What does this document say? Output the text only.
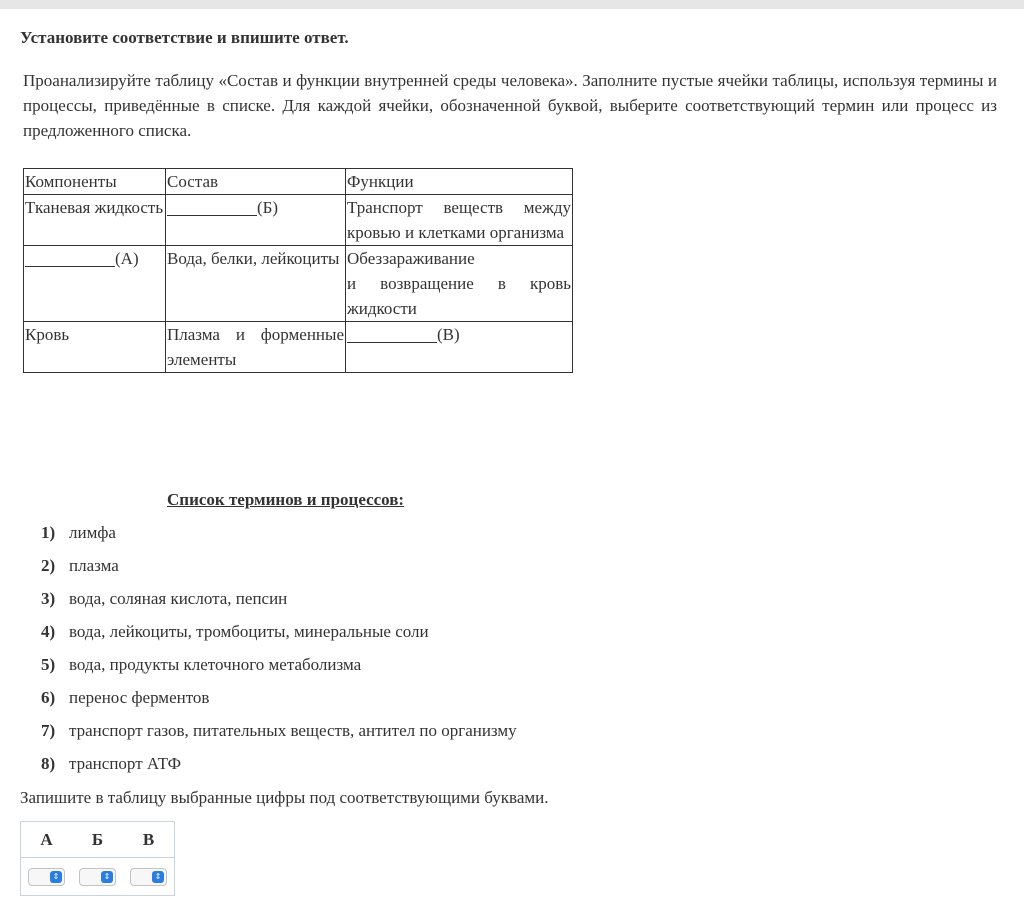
Установите соответствие и впишите ответ.
Проанализируйте таблицу «Состав и функции внутренней среды человека». Заполните пустые ячейки таблицы, используя термины и процессы, приведённые в списке. Для каждой ячейки, обозначенной буквой, выберите соответствующий термин или процесс из предложенного списка.
Компоненты	Состав	Функции
Тканевая жидкость	(Б)	Транспорт веществ между кровью и клетками организма
(А)	Вода, белки, лейкоциты	Обеззараживание
и возвращение в кровь жидкости
Кровь	Плазма и форменные элементы	(В)
Список терминов и процессов:
1) лимфа
2) плазма
3) вода, соляная кислота, пепсин
4) вода, лейкоциты, тромбоциты, минеральные соли
5) вода, продукты клеточного метаболизма
6) перенос ферментов
7) транспорт газов, питательных веществ, антител по организму
8) транспорт АТФ
Запишите в таблицу выбранные цифры под соответствующими буквами.
А	Б	В

⇕	⇕	⇕
